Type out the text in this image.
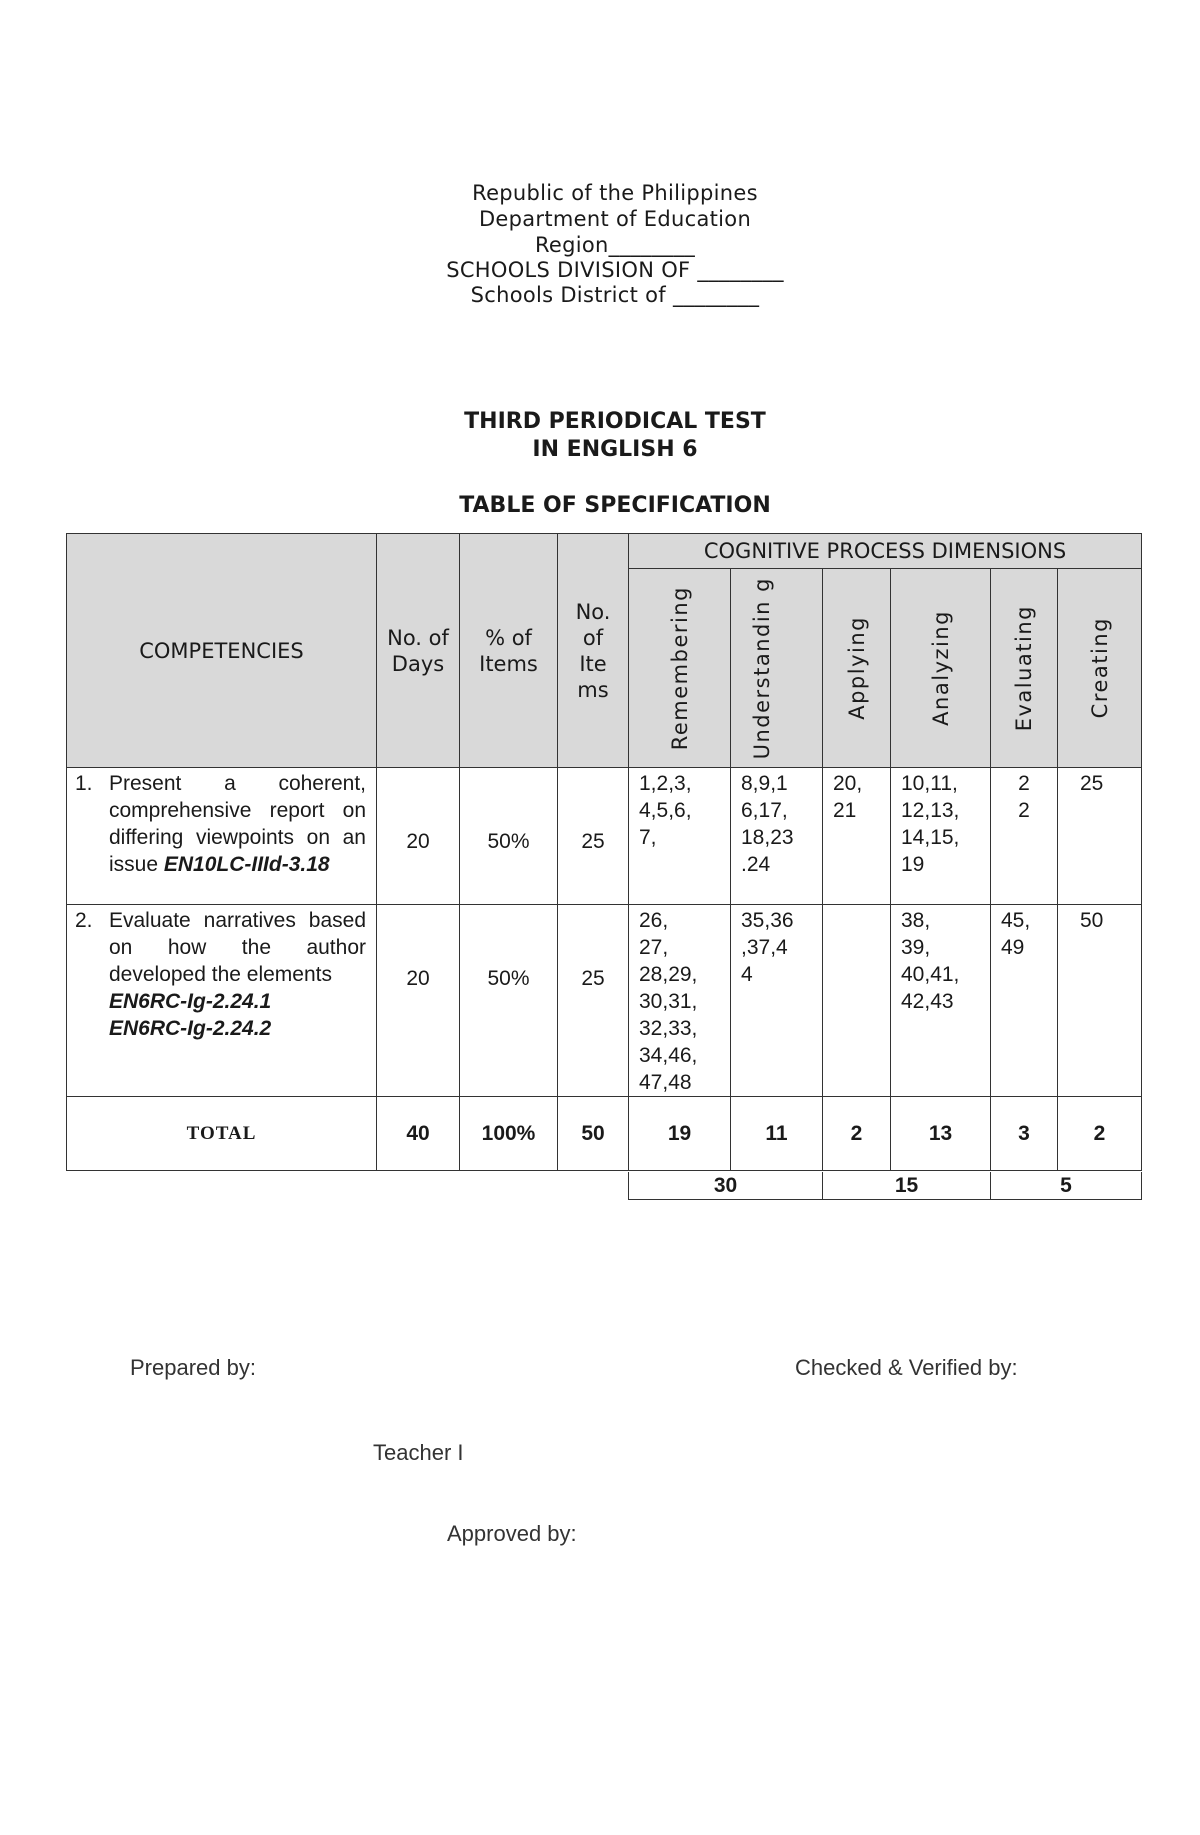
Republic of the Philippines
Department of Education
Region________
SCHOOLS DIVISION OF ________
Schools District of ________
THIRD PERIODICAL TEST
IN ENGLISH 6
TABLE OF SPECIFICATION
COMPETENCIES	No. of Days	% of Items	No. of Ite ms	COGNITIVE PROCESS DIMENSIONS					

				Remembering	Understandin g	Applying	Analyzing	Evaluating	Creating

1. Present a coherent, comprehensive report on differing viewpoints on an issue EN10LC-IIId-3.18	20	50%	25	1,2,3, 4,5,6, 7,	8,9,1 6,17, 18,23 .24	20, 21	10,11, 12,13, 14,15, 19	2 2	25

2. Evaluate narratives based on how the author developed the elements
EN6RC-Ig-2.24.1
EN6RC-Ig-2.24.2	20	50%	25	26, 27, 28,29, 30,31, 32,33, 34,46, 47,48	35,36 ,37,4 4		38, 39, 40,41, 42,43	45, 49	50
TOTAL	40	100%	50	19	11	2	13	3	2
30	15	5
Prepared by:	Checked & Verified by:
Teacher I
Approved by:
